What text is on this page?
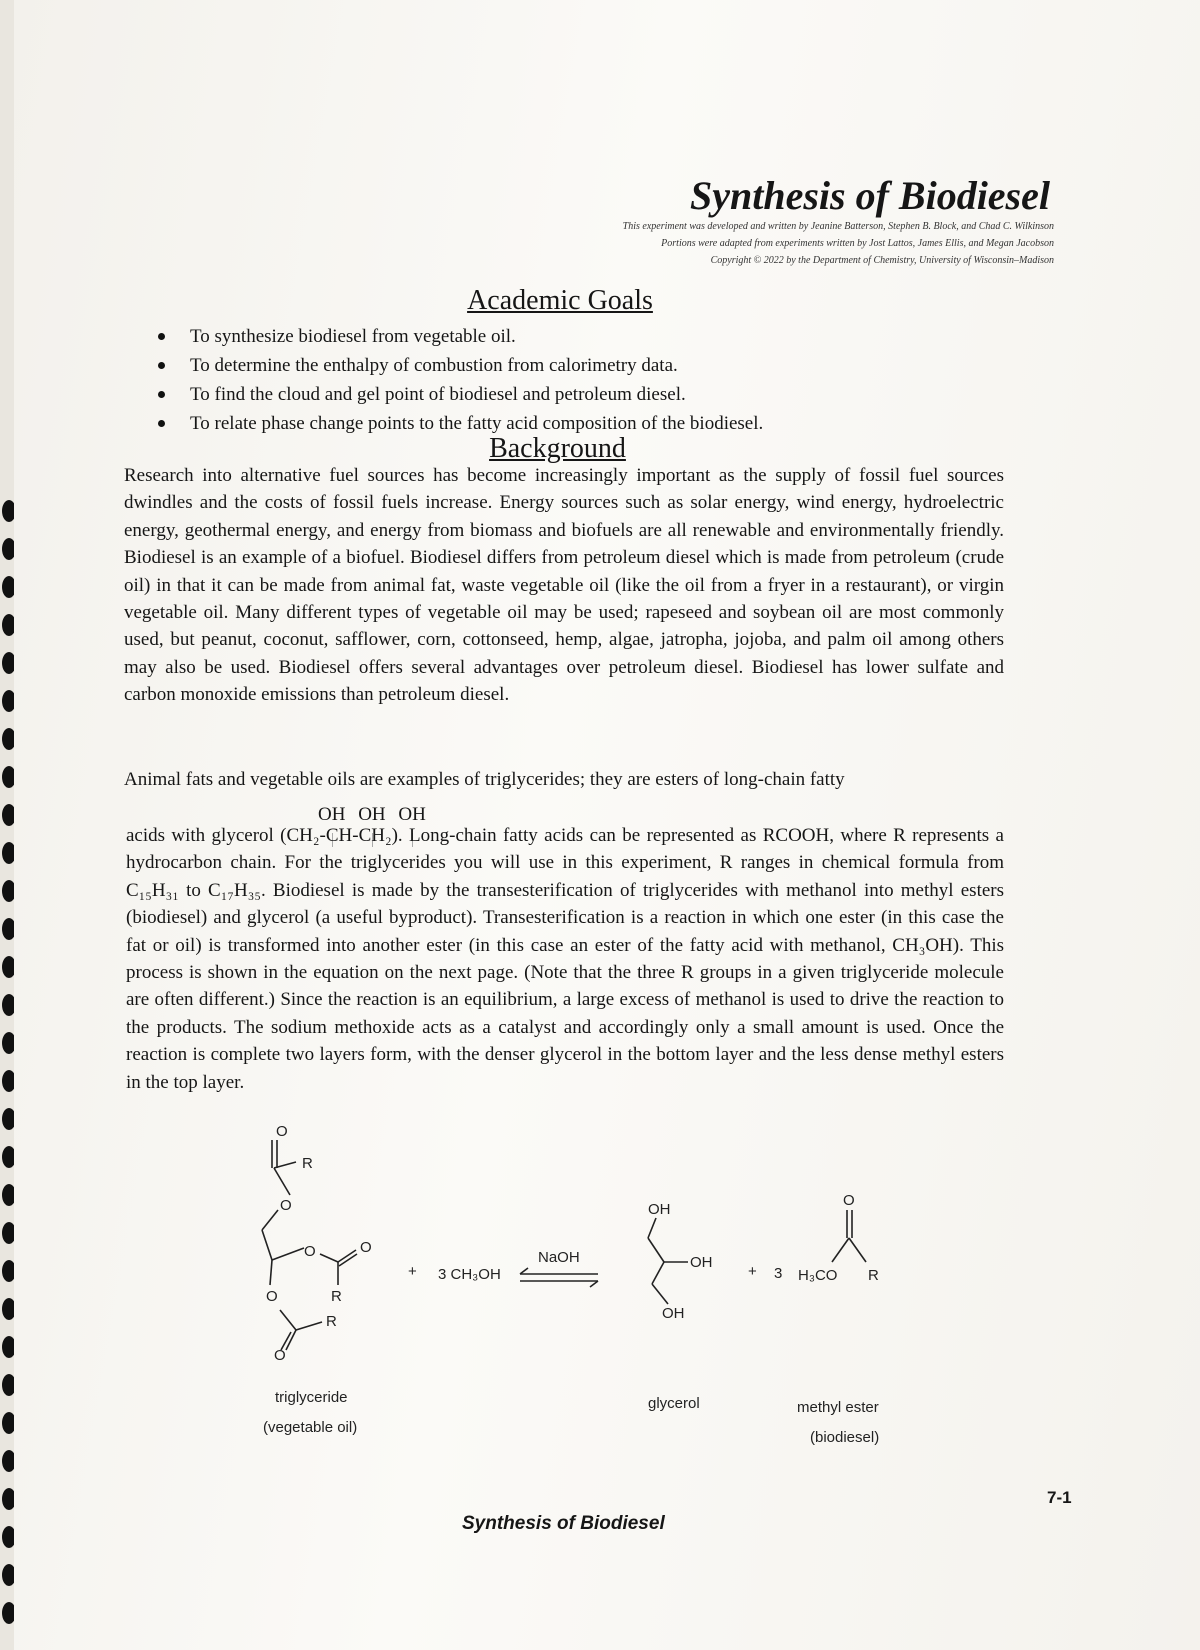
Synthesis of Biodiesel
This experiment was developed and written by Jeanine Batterson, Stephen B. Block, and Chad C. Wilkinson
Portions were adapted from experiments written by Jost Lattos, James Ellis, and Megan Jacobson
Copyright © 2022 by the Department of Chemistry, University of Wisconsin–Madison
Academic Goals
To synthesize biodiesel from vegetable oil.
To determine the enthalpy of combustion from calorimetry data.
To find the cloud and gel point of biodiesel and petroleum diesel.
To relate phase change points to the fatty acid composition of the biodiesel.
Background

Research into alternative fuel sources has become increasingly important as the supply of fossil fuel sources dwindles and the costs of fossil fuels increase. Energy sources such as solar energy, wind energy, hydroelectric energy, geothermal energy, and energy from biomass and biofuels are all renewable and environmentally friendly. Biodiesel is an example of a biofuel. Biodiesel differs from petroleum diesel which is made from petroleum (crude oil) in that it can be made from animal fat, waste vegetable oil (like the oil from a fryer in a restaurant), or virgin vegetable oil. Many different types of vegetable oil may be used; rapeseed and soybean oil are most commonly used, but peanut, coconut, safflower, corn, cottonseed, hemp, algae, jatropha, jojoba, and palm oil among others may also be used. Biodiesel offers several advantages over petroleum diesel. Biodiesel has lower sulfate and carbon monoxide emissions than petroleum diesel.

Animal fats and vegetable oils are examples of triglycerides; they are esters of long-chain fatty

OH OH OH

acids with glycerol (CH₂-CH-CH₂). Long-chain fatty acids can be represented as RCOOH, where R represents a hydrocarbon chain. For the triglycerides you will use in this experiment, R ranges in chemical formula from C₁₅H₃₁ to C₁₇H₃₅. Biodiesel is made by the transesterification of triglycerides with methanol into methyl esters (biodiesel) and glycerol (a useful byproduct). Transesterification is a reaction in which one ester (in this case the fat or oil) is transformed into another ester (in this case an ester of the fatty acid with methanol, CH₃OH). This process is shown in the equation on the next page. (Note that the three R groups in a given triglyceride molecule are often different.) Since the reaction is an equilibrium, a large excess of methanol is used to drive the reaction to the products. The sodium methoxide acts as a catalyst and accordingly only a small amount is used. Once the reaction is complete two layers form, with the denser glycerol in the bottom layer and the less dense methyl esters in the top layer.

O
R
O
O	O
R
O
R
O
+ 3 CH₃OH
NaOH
OH
OH
OH
+ 3 H₃CO
O
R
triglyceride
(vegetable oil)
glycerol	methyl ester
(biodiesel)
Synthesis of Biodiesel
7-1
